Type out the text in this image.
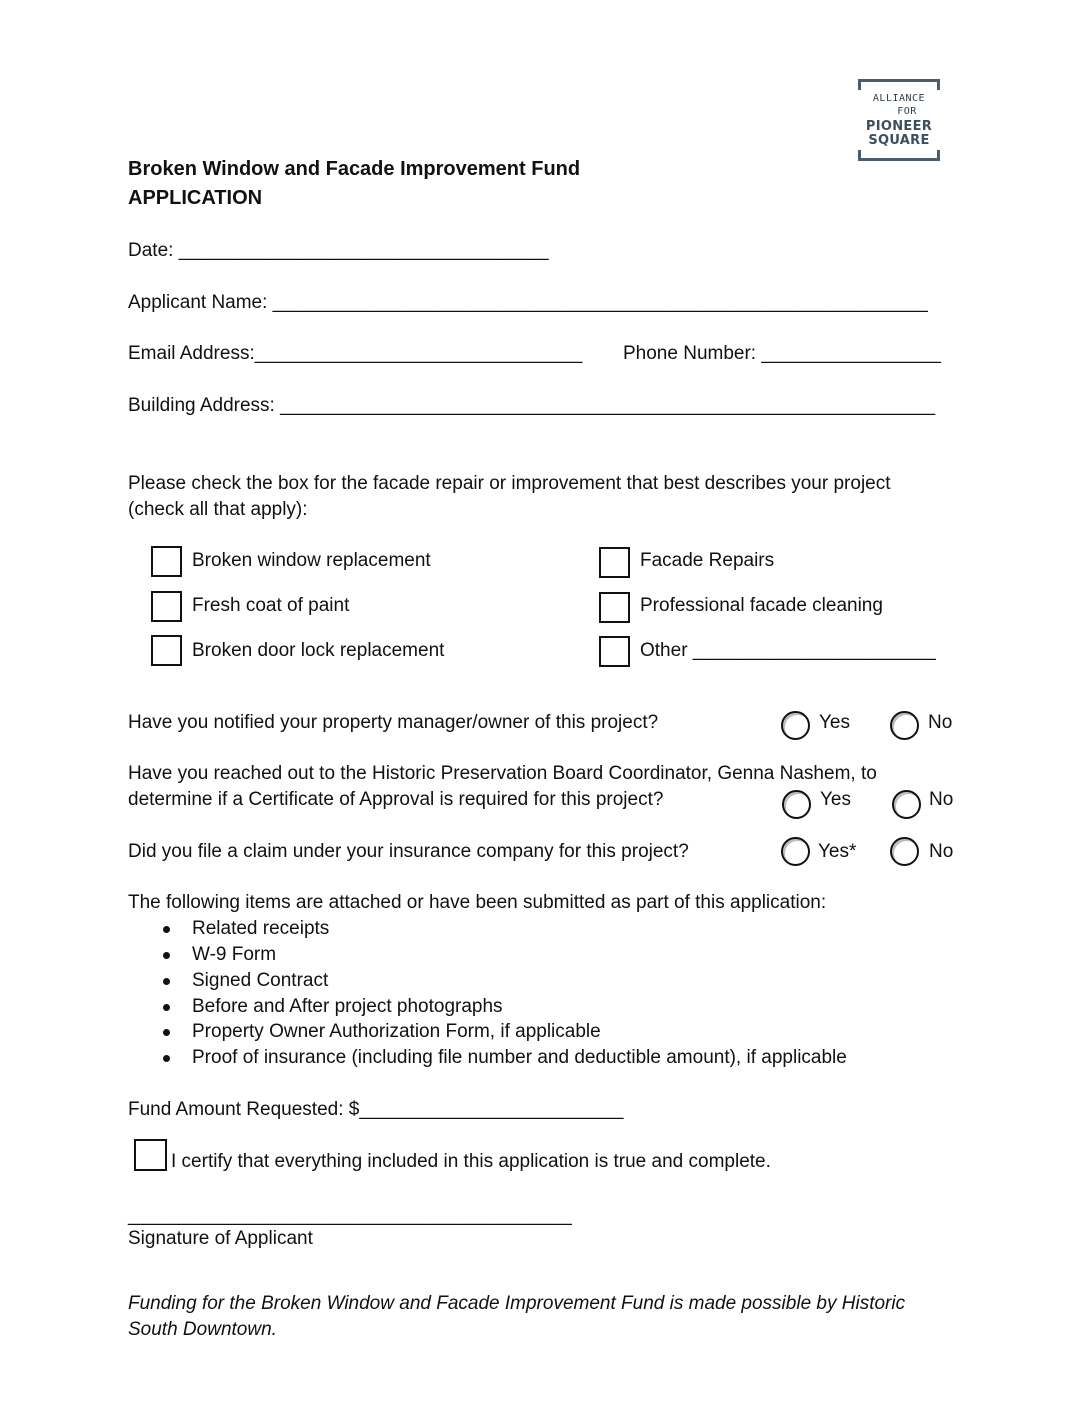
ALLIANCE
FOR
PIONEER
SQUARE
Broken Window and Facade Improvement Fund
APPLICATION
Date: ___________________________________
Applicant Name: ______________________________________________________________
Email Address:_______________________________ Phone Number: _________________
Building Address: ______________________________________________________________
Please check the box for the facade repair or improvement that best describes your project
(check all that apply):
Broken window replacement
Fresh coat of paint
Broken door lock replacement
Facade Repairs
Professional facade cleaning
Other _______________________
Have you notified your property manager/owner of this project?	Yes	No
Have you reached out to the Historic Preservation Board Coordinator, Genna Nashem, to
determine if a Certificate of Approval is required for this project?	Yes	No
Did you file a claim under your insurance company for this project?	Yes*	No
The following items are attached or have been submitted as part of this application:
Related receipts
W-9 Form
Signed Contract
Before and After project photographs
Property Owner Authorization Form, if applicable
Proof of insurance (including file number and deductible amount), if applicable
Fund Amount Requested: $_________________________
I certify that everything included in this application is true and complete.
__________________________________________
Signature of Applicant
Funding for the Broken Window and Facade Improvement Fund is made possible by Historic
South Downtown.
